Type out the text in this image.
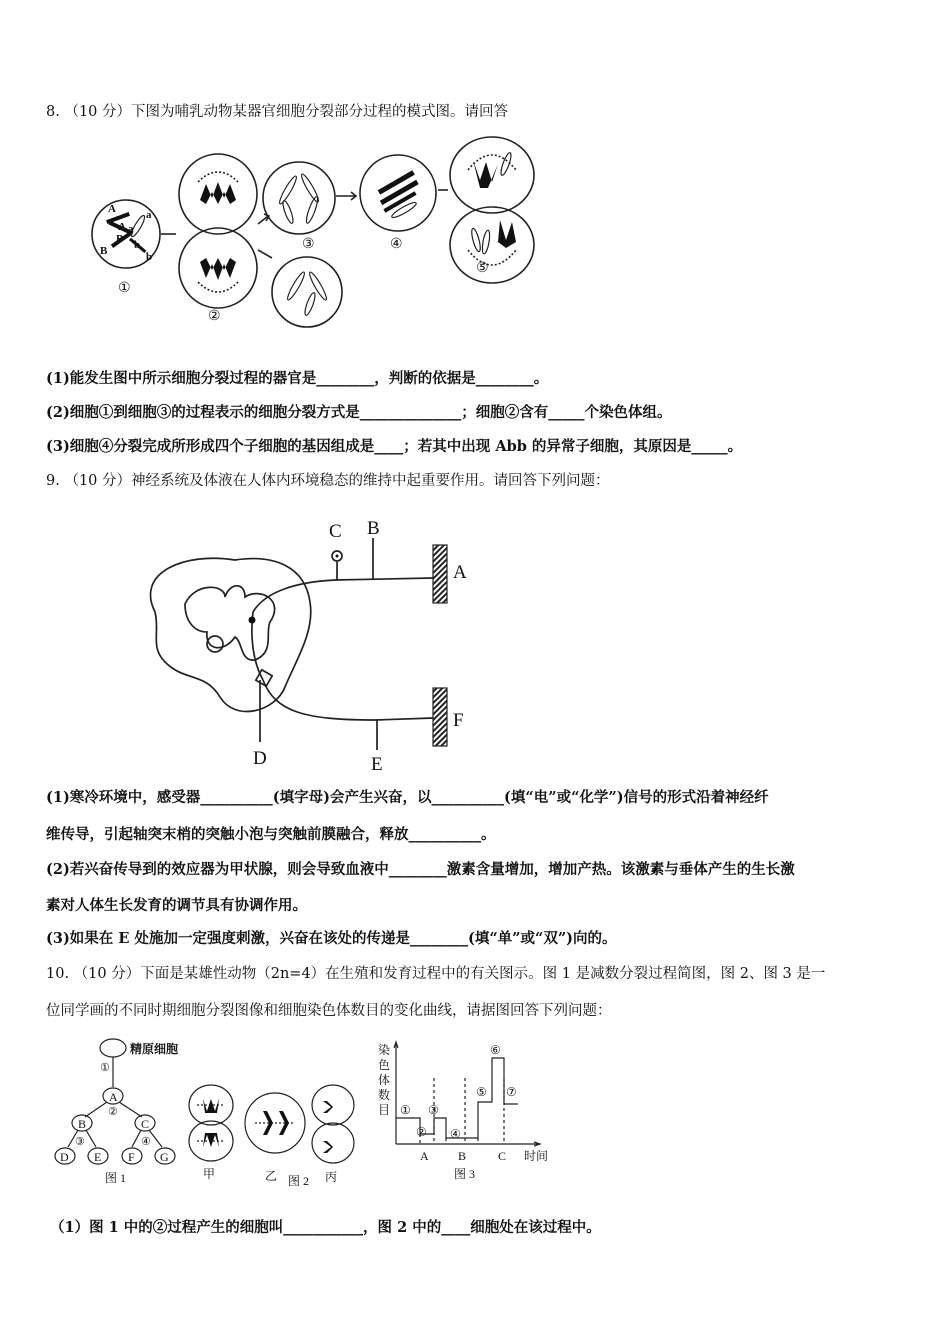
8. （10 分）下图为哺乳动物某器官细胞分裂部分过程的模式图。请回答
A
A
a
a
B
B b
b
①
②
③	④
⑤
(1)能发生图中所示细胞分裂过程的器官是________，判断的依据是________。
(2)细胞①到细胞③的过程表示的细胞分裂方式是______________；细胞②含有_____个染色体组。
(3)细胞④分裂完成所形成四个子细胞的基因组成是____；若其中出现 Abb 的异常子细胞，其原因是_____。
9. （10 分）神经系统及体液在人体内环境稳态的维持中起重要作用。请回答下列问题：
C B
A
F
D	E
(1)寒冷环境中，感受器__________(填字母)会产生兴奋，以__________(填“电”或“化学”)信号的形式沿着神经纤
维传导，引起轴突末梢的突触小泡与突触前膜融合，释放__________。
(2)若兴奋传导到的效应器为甲状腺，则会导致血液中________激素含量增加，增加产热。该激素与垂体产生的生长激
素对人体生长发育的调节具有协调作用。
(3)如果在 E 处施加一定强度刺激，兴奋在该处的传递是________(填“单”或“双”)向的。
10. （10 分）下面是某雄性动物（2n=4）在生殖和发育过程中的有关图示。图 1 是减数分裂过程简图，图 2、图 3 是一
位同学画的不同时期细胞分裂图像和细胞染色体数目的变化曲线，请据图回答下列问题：
精原细胞
①
A
②
B	C
③	④
D E F G
图 1	甲	乙	丙
图 2
染
色
体
数
目 ①
②
③
④
⑤
⑥
⑦
A B	C 时间
图 3
（1）图 1 中的②过程产生的细胞叫___________，图 2 中的____细胞处在该过程中。
